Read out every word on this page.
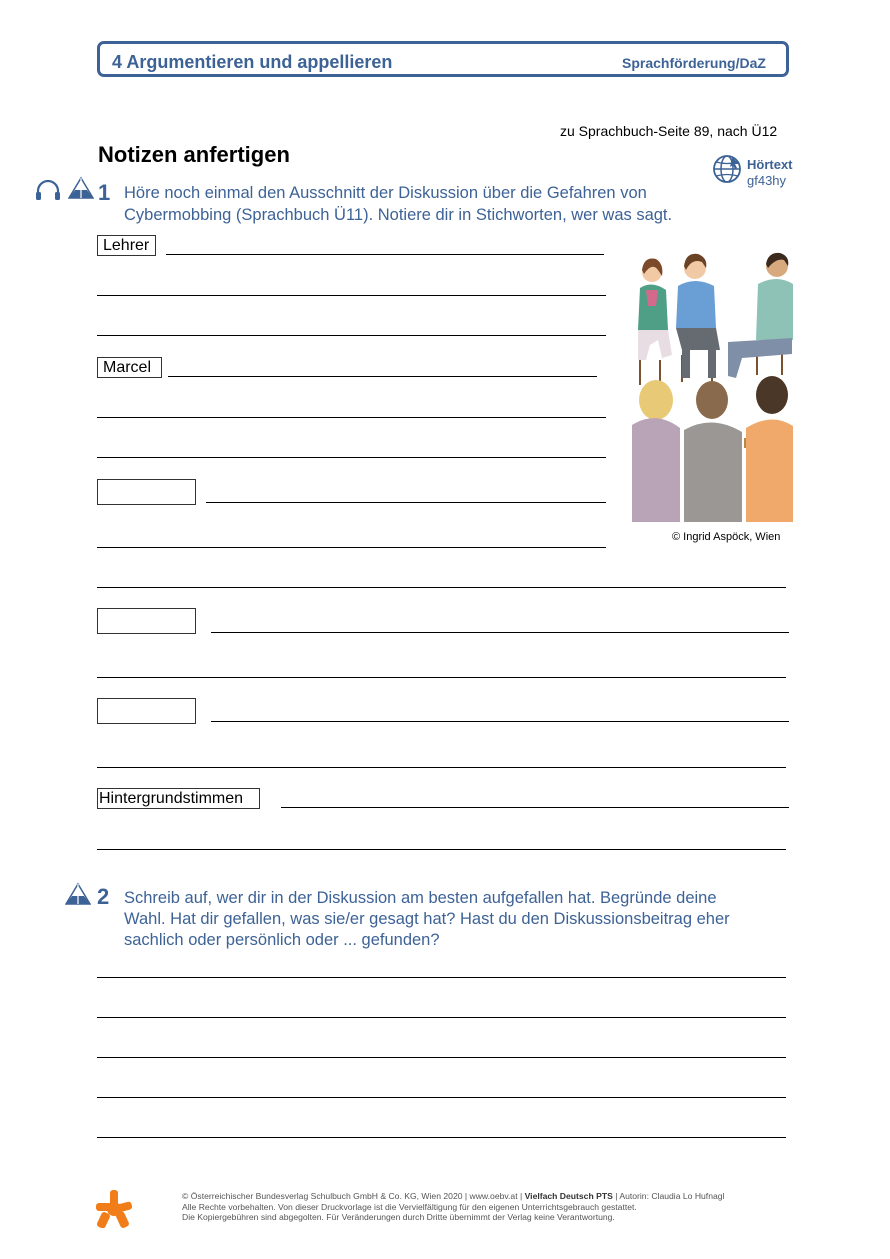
4 Argumentieren und appellieren	Sprachförderung/DaZ
zu Sprachbuch-Seite 89, nach Ü12
Notizen anfertigen	Hörtext
gf43hy
1 Höre noch einmal den Ausschnitt der Diskussion über die Gefahren von
Cybermobbing (Sprachbuch Ü11). Notiere dir in Stichworten, wer was sagt.
Lehrer
Marcel
Hintergrundstimmen
© Ingrid Aspöck, Wien
2 Schreib auf, wer dir in der Diskussion am besten aufgefallen hat. Begründe deine
Wahl. Hat dir gefallen, was sie/er gesagt hat? Hast du den Diskussionsbeitrag eher
sachlich oder persönlich oder ... gefunden?
© Österreichischer Bundesverlag Schulbuch GmbH & Co. KG, Wien 2020 | www.oebv.at | Vielfach Deutsch PTS | Autorin: Claudia Lo Hufnagl
Alle Rechte vorbehalten. Von dieser Druckvorlage ist die Vervielfältigung für den eigenen Unterrichtsgebrauch gestattet.
Die Kopiergebühren sind abgegolten. Für Veränderungen durch Dritte übernimmt der Verlag keine Verantwortung.
